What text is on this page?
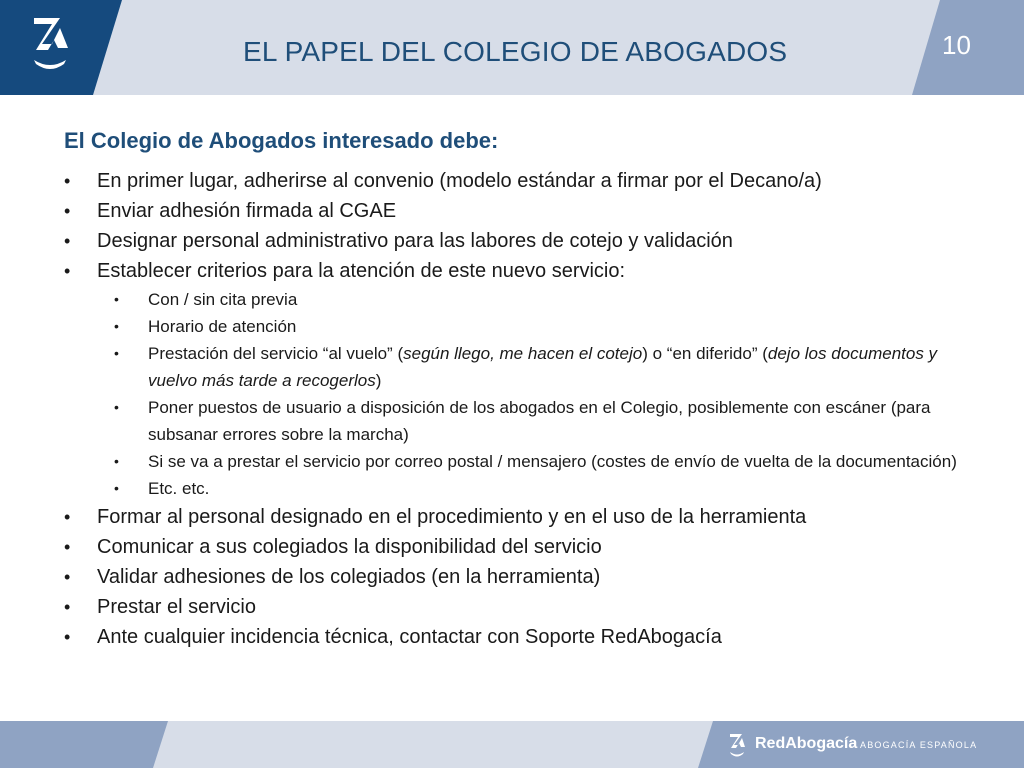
EL PAPEL DEL COLEGIO DE ABOGADOS	10
El Colegio de Abogados interesado debe:
• En primer lugar, adherirse al convenio (modelo estándar a firmar por el Decano/a)
• Enviar adhesión firmada al CGAE
• Designar personal administrativo para las labores de cotejo y validación
• Establecer criterios para la atención de este nuevo servicio:
• Con / sin cita previa
• Horario de atención
• Prestación del servicio “al vuelo” (según llego, me hacen el cotejo) o “en diferido” (dejo los documentos y vuelvo más tarde a recogerlos)
• Poner puestos de usuario a disposición de los abogados en el Colegio, posiblemente con escáner (para subsanar errores sobre la marcha)
• Si se va a prestar el servicio por correo postal / mensajero (costes de envío de vuelta de la documentación)
• Etc. etc.
• Formar al personal designado en el procedimiento y en el uso de la herramienta
• Comunicar a sus colegiados la disponibilidad del servicio
• Validar adhesiones de los colegiados (en la herramienta)
• Prestar el servicio
• Ante cualquier incidencia técnica, contactar con Soporte RedAbogacía
RedAbogacía ABOGACÍA ESPAÑOLA
